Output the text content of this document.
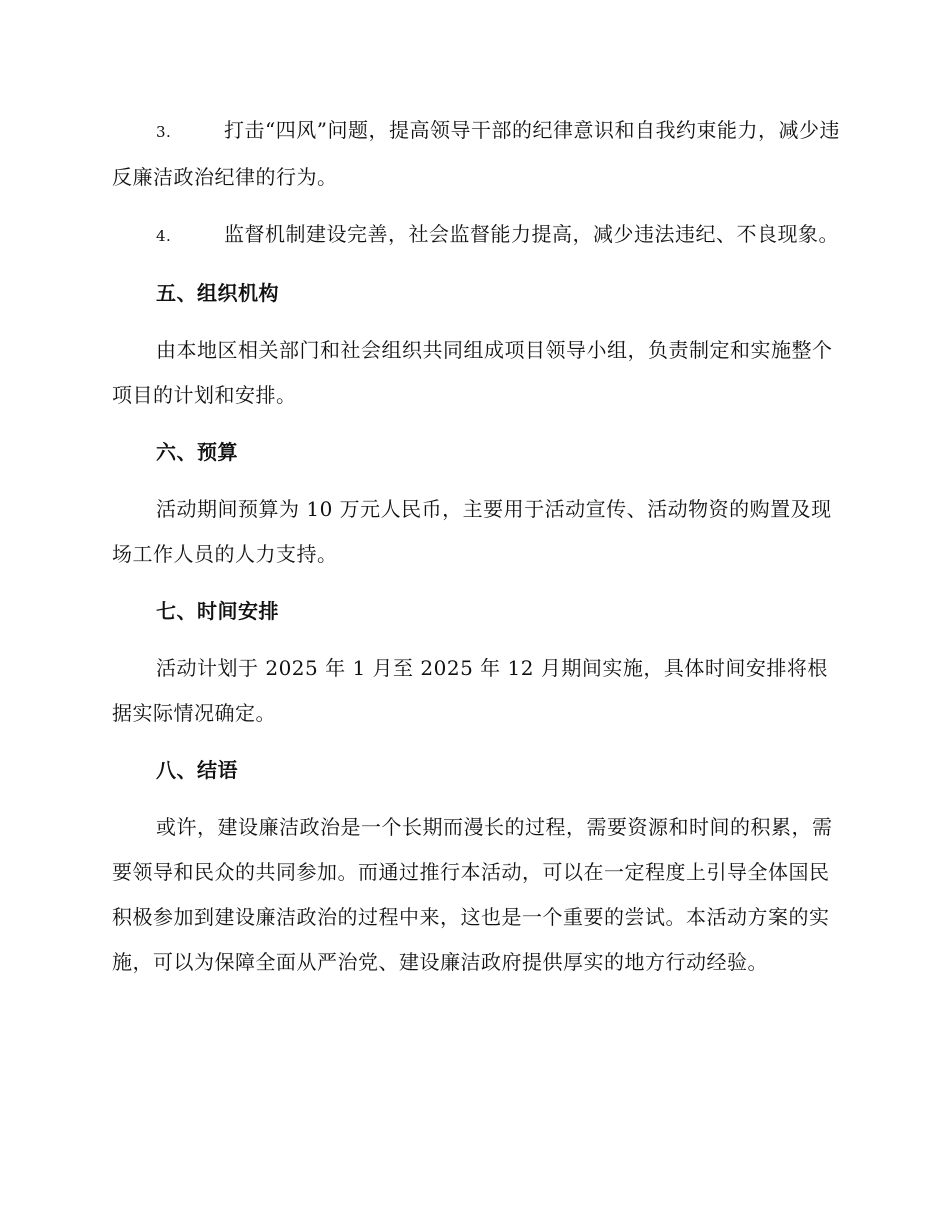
3.	打击“四风”问题，提高领导干部的纪律意识和自我约束能力，减少违反廉洁政治纪律的行为。

4.	监督机制建设完善，社会监督能力提高，减少违法违纪、不良现象。

五、组织机构

由本地区相关部门和社会组织共同组成项目领导小组，负责制定和实施整个项目的计划和安排。

六、预算

活动期间预算为 10 万元人民币，主要用于活动宣传、活动物资的购置及现场工作人员的人力支持。

七、时间安排

活动计划于 2025 年 1 月至 2025 年 12 月期间实施，具体时间安排将根据实际情况确定。

八、结语

或许，建设廉洁政治是一个长期而漫长的过程，需要资源和时间的积累，需要领导和民众的共同参加。而通过推行本活动，可以在一定程度上引导全体国民积极参加到建设廉洁政治的过程中来，这也是一个重要的尝试。本活动方案的实施，可以为保障全面从严治党、建设廉洁政府提供厚实的地方行动经验。
